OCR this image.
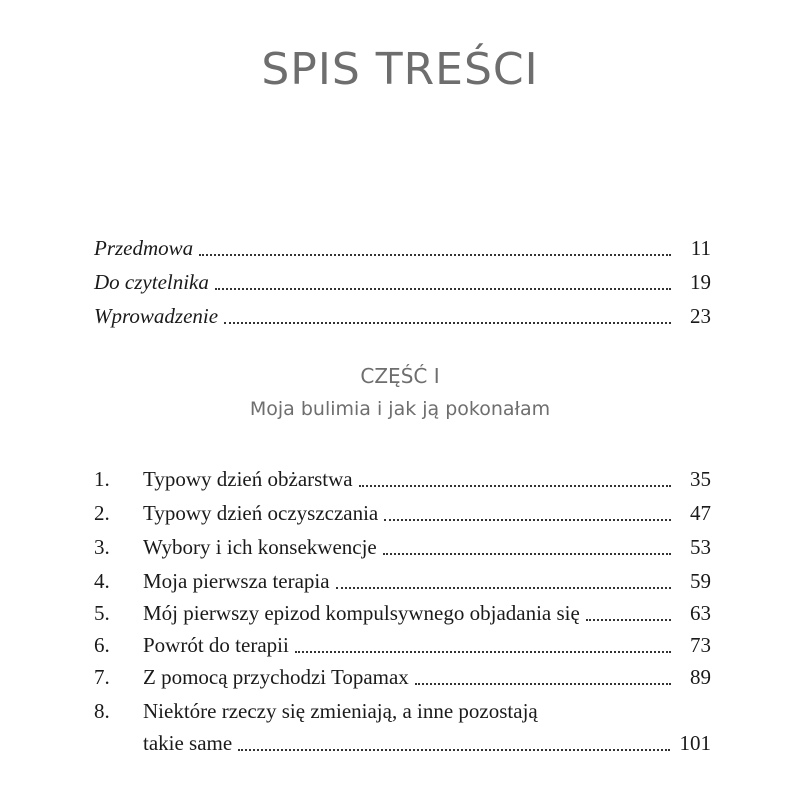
SPIS TREŚCI
Przedmowa	11
Do czytelnika	19
Wprowadzenie	23
CZĘŚĆ I
Moja bulimia i jak ją pokonałam
1. Typowy dzień obżarstwa	35
2. Typowy dzień oczyszczania	47
3. Wybory i ich konsekwencje	53
4. Moja pierwsza terapia	59
5. Mój pierwszy epizod kompulsywnego objadania się	63
6. Powrót do terapii	73
7. Z pomocą przychodzi Topamax	89
8. Niektóre rzeczy się zmieniają, a inne pozostają
takie same	101
